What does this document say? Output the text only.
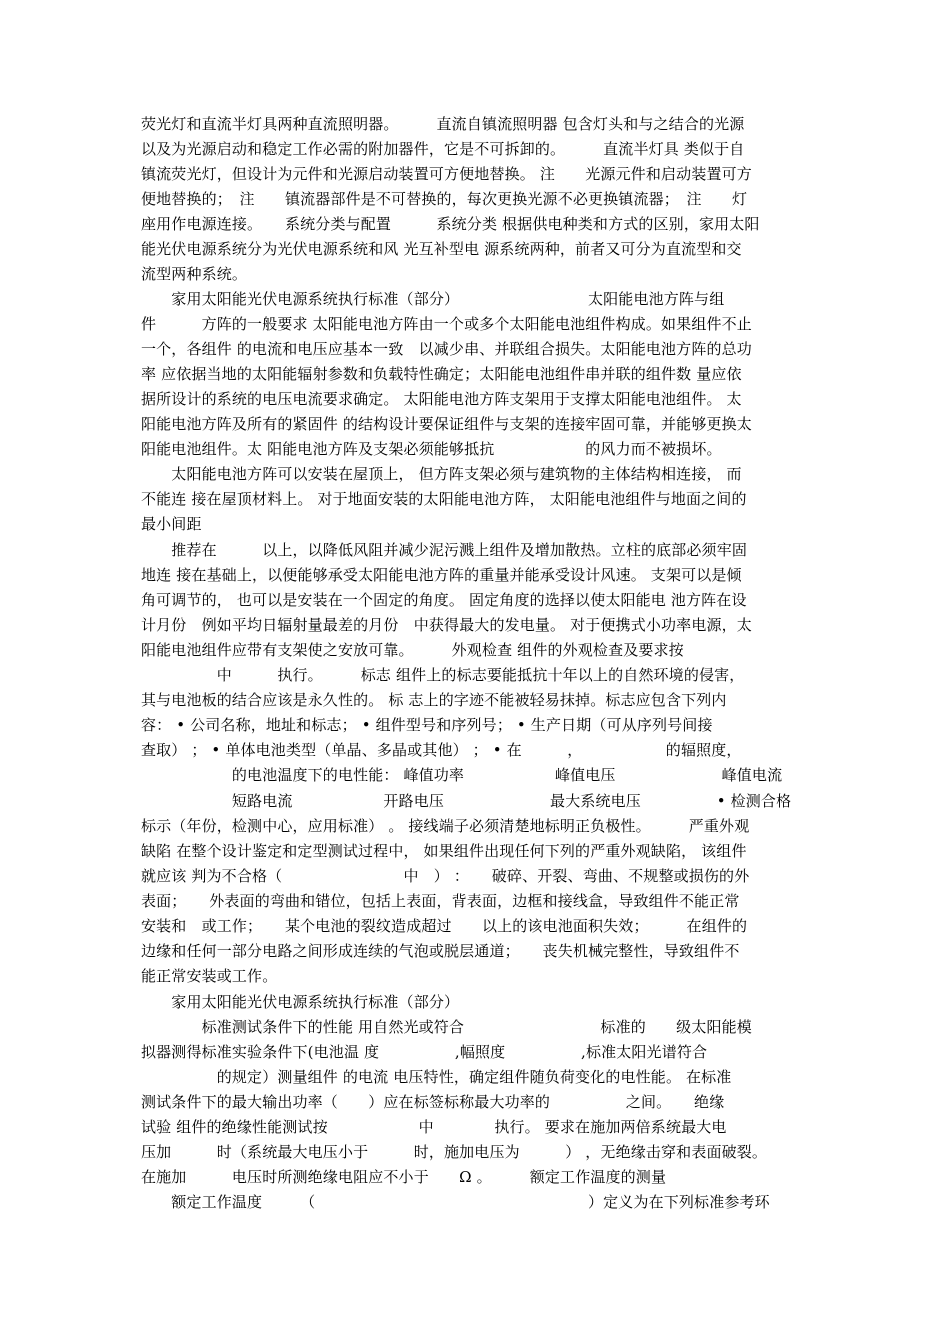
荧光灯和直流半灯具两种直流照明器。　　　直流自镇流照明器 包含灯头和与之结合的光源
以及为光源启动和稳定工作必需的附加器件，它是不可拆卸的。　　　直流半灯具 类似于自
镇流荧光灯，但设计为元件和光源启动装置可方便地替换。 注　　光源元件和启动装置可方
便地替换的；　注　　镇流器部件是不可替换的，每次更换光源不必更换镇流器；　注　　灯
座用作电源连接。　　系统分类与配置　　　系统分类 根据供电种类和方式的区别，家用太阳
能光伏电源系统分为光伏电源系统和风 光互补型电 源系统两种，前者又可分为直流型和交
流型两种系统。
　　家用太阳能光伏电源系统执行标准（部分）　　　　　　　　　太阳能电池方阵与组
件　　　方阵的一般要求 太阳能电池方阵由一个或多个太阳能电池组件构成。如果组件不止
一个，各组件 的电流和电压应基本一致　以减少串、并联组合损失。太阳能电池方阵的总功
率 应依据当地的太阳能辐射参数和负载特性确定；太阳能电池组件串并联的组件数 量应依
据所设计的系统的电压电流要求确定。 太阳能电池方阵支架用于支撑太阳能电池组件。 太
阳能电池方阵及所有的紧固件 的结构设计要保证组件与支架的连接牢固可靠，并能够更换太
阳能电池组件。太 阳能电池方阵及支架必须能够抵抗　　　　　　的风力而不被损坏。
　　太阳能电池方阵可以安装在屋顶上， 但方阵支架必须与建筑物的主体结构相连接， 而
不能连 接在屋顶材料上。 对于地面安装的太阳能电池方阵， 太阳能电池组件与地面之间的
最小间距
　　推荐在　　　以上，以降低风阻并减少泥污溅上组件及增加散热。立柱的底部必须牢固
地连 接在基础上，以便能够承受太阳能电池方阵的重量并能承受设计风速。 支架可以是倾
角可调节的， 也可以是安装在一个固定的角度。 固定角度的选择以使太阳能电 池方阵在设
计月份　例如平均日辐射量最差的月份　中获得最大的发电量。 对于便携式小功率电源，太
阳能电池组件应带有支架使之安放可靠。　　　外观检查 组件的外观检查及要求按
　　　　　中　　　执行。　　　标志 组件上的标志要能抵抗十年以上的自然环境的侵害，
其与电池板的结合应该是永久性的。 标 志上的字迹不能被轻易抹掉。标志应包含下列内
容： • 公司名称，地址和标志； • 组件型号和序列号； • 生产日期（可从序列号间接
查取） ； • 单体电池类型（单晶、多晶或其他） ； • 在　　　，　　　　　　的辐照度，
　　　　　　的电池温度下的电性能： 峰值功率　　　　　　峰值电压　　　　　　　峰值电流
　　　　　　短路电流　　　　　　开路电压　　　　　　　最大系统电压　　　　　• 检测合格
标示（年份，检测中心，应用标准） 。 接线端子必须清楚地标明正负极性。　　　严重外观
缺陷 在整个设计鉴定和定型测试过程中， 如果组件出现任何下列的严重外观缺陷， 该组件
就应该 判为不合格（　　　　　　　　中　） ：　　破碎、开裂、弯曲、不规整或损伤的外
表面；　　外表面的弯曲和错位，包括上表面，背表面，边框和接线盒，导致组件不能正常
安装和　或工作；　　某个电池的裂纹造成超过　　以上的该电池面积失效；　　　在组件的
边缘和任何一部分电路之间形成连续的气泡或脱层通道；　　丧失机械完整性，导致组件不
能正常安装或工作。
　　家用太阳能光伏电源系统执行标准（部分）
　　　　标准测试条件下的性能 用自然光或符合　　　　　　　　　标准的　　级太阳能模
拟器测得标准实验条件下(电池温 度　　　　　,幅照度　　　　　,标准太阳光谱符合
　　　　　的规定）测量组件 的电流 电压特性，确定组件随负荷变化的电性能。 在标准
测试条件下的最大输出功率（　　）应在标签标称最大功率的　　　　　之间。　　绝缘
试验 组件的绝缘性能测试按　　　　　　中　　　　执行。 要求在施加两倍系统最大电
压加　　　时（系统最大电压小于　　　时，施加电压为　　　） ，无绝缘击穿和表面破裂。
在施加　　　电压时所测绝缘电阻应不小于　　Ω 。　　　额定工作温度的测量
　　额定工作温度　　　（　　　　　　　　　　　　　　　　　　）定义为在下列标准参考环
